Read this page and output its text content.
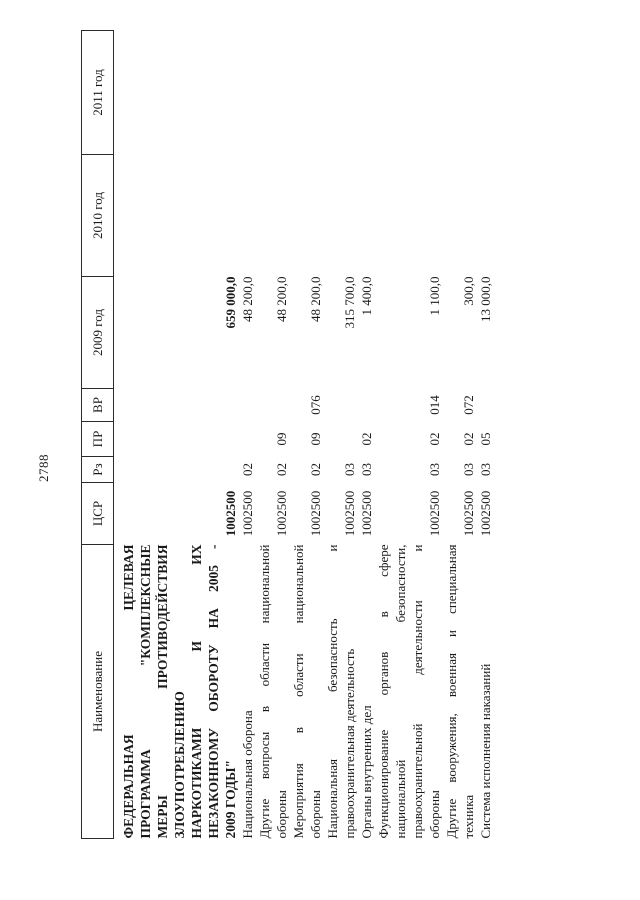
2788
Наименование	ЦСР	Рз	ПР	ВР	2009 год	2010 год	2011 год

ФЕДЕРАЛЬНАЯ ЦЕЛЕВАЯ ПРОГРАММА "КОМПЛЕКСНЫЕ МЕРЫ ПРОТИВОДЕЙСТВИЯ ЗЛОУПОТРЕБЛЕНИЮ НАРКОТИКАМИ И ИХ НЕЗАКОННОМУ ОБОРОТУ НА 2005 - 2009 ГОДЫ"
	1002500				659 000,0		

Национальная оборона	1002500	02			48 200,0		

Другие вопросы в области национальной обороны	1002500	02	09		48 200,0		

Мероприятия в области национальной обороны	1002500	02	09	076	48 200,0		

Национальная безопасность и правоохранительная деятельность	1002500	03			315 700,0		

Органы внутренних дел	1002500	03	02		1 400,0		

Функционирование органов в сфере национальной безопасности, правоохранительной деятельности и обороны	1002500	03	02	014	1 100,0		

Другие вооружения, военная и специальная техника	1002500	03	02	072	300,0		

Система исполнения наказаний	1002500	03	05		13 000,0		
